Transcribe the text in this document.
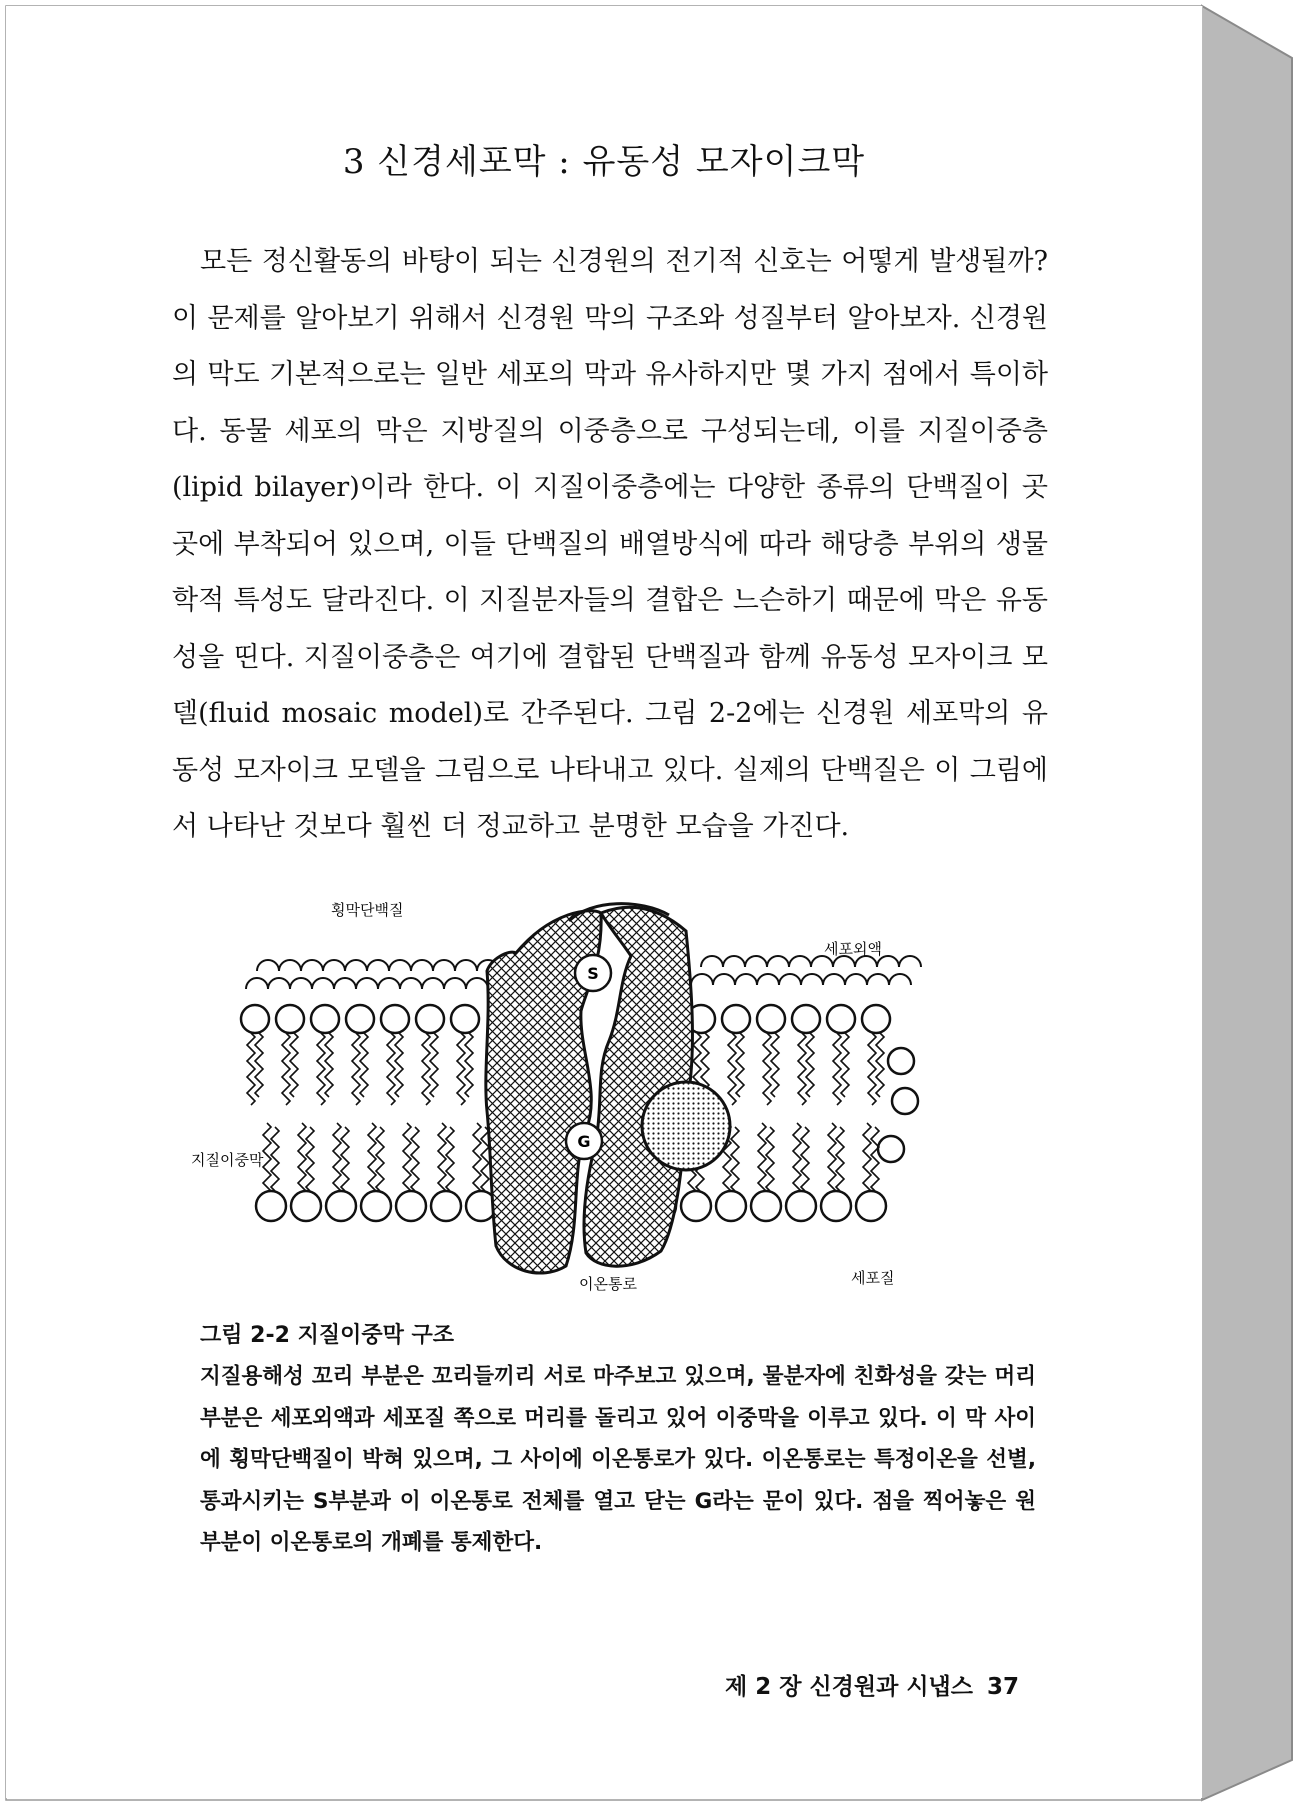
3 신경세포막 : 유동성 모자이크막

모든 정신활동의 바탕이 되는 신경원의 전기적 신호는 어떻게 발생될까? 이 문제를 알아보기 위해서 신경원 막의 구조와 성질부터 알아보자. 신경원의 막도 기본적으로는 일반 세포의 막과 유사하지만 몇 가지 점에서 특이하다. 동물 세포의 막은 지방질의 이중층으로 구성되는데, 이를 지질이중층(lipid bilayer)이라 한다. 이 지질이중층에는 다양한 종류의 단백질이 곳곳에 부착되어 있으며, 이들 단백질의 배열방식에 따라 해당층 부위의 생물학적 특성도 달라진다. 이 지질분자들의 결합은 느슨하기 때문에 막은 유동성을 띤다. 지질이중층은 여기에 결합된 단백질과 함께 유동성 모자이크 모델(fluid mosaic model)로 간주된다. 그림 2-2에는 신경원 세포막의 유동성 모자이크 모델을 그림으로 나타내고 있다. 실제의 단백질은 이 그림에서 나타난 것보다 훨씬 더 정교하고 분명한 모습을 가진다.

S
G
횡막단백질
세포외액
지질이중막
이온통로	세포질
그림 2-2 지질이중막 구조

지질용해성 꼬리 부분은 꼬리들끼리 서로 마주보고 있으며, 물분자에 친화성을 갖는 머리 부분은 세포외액과 세포질 쪽으로 머리를 돌리고 있어 이중막을 이루고 있다. 이 막 사이에 횡막단백질이 박혀 있으며, 그 사이에 이온통로가 있다. 이온통로는 특정이온을 선별, 통과시키는 S부분과 이 이온통로 전체를 열고 닫는 G라는 문이 있다. 점을 찍어놓은 원부분이 이온통로의 개폐를 통제한다.

제 2 장 신경원과 시냅스 37
